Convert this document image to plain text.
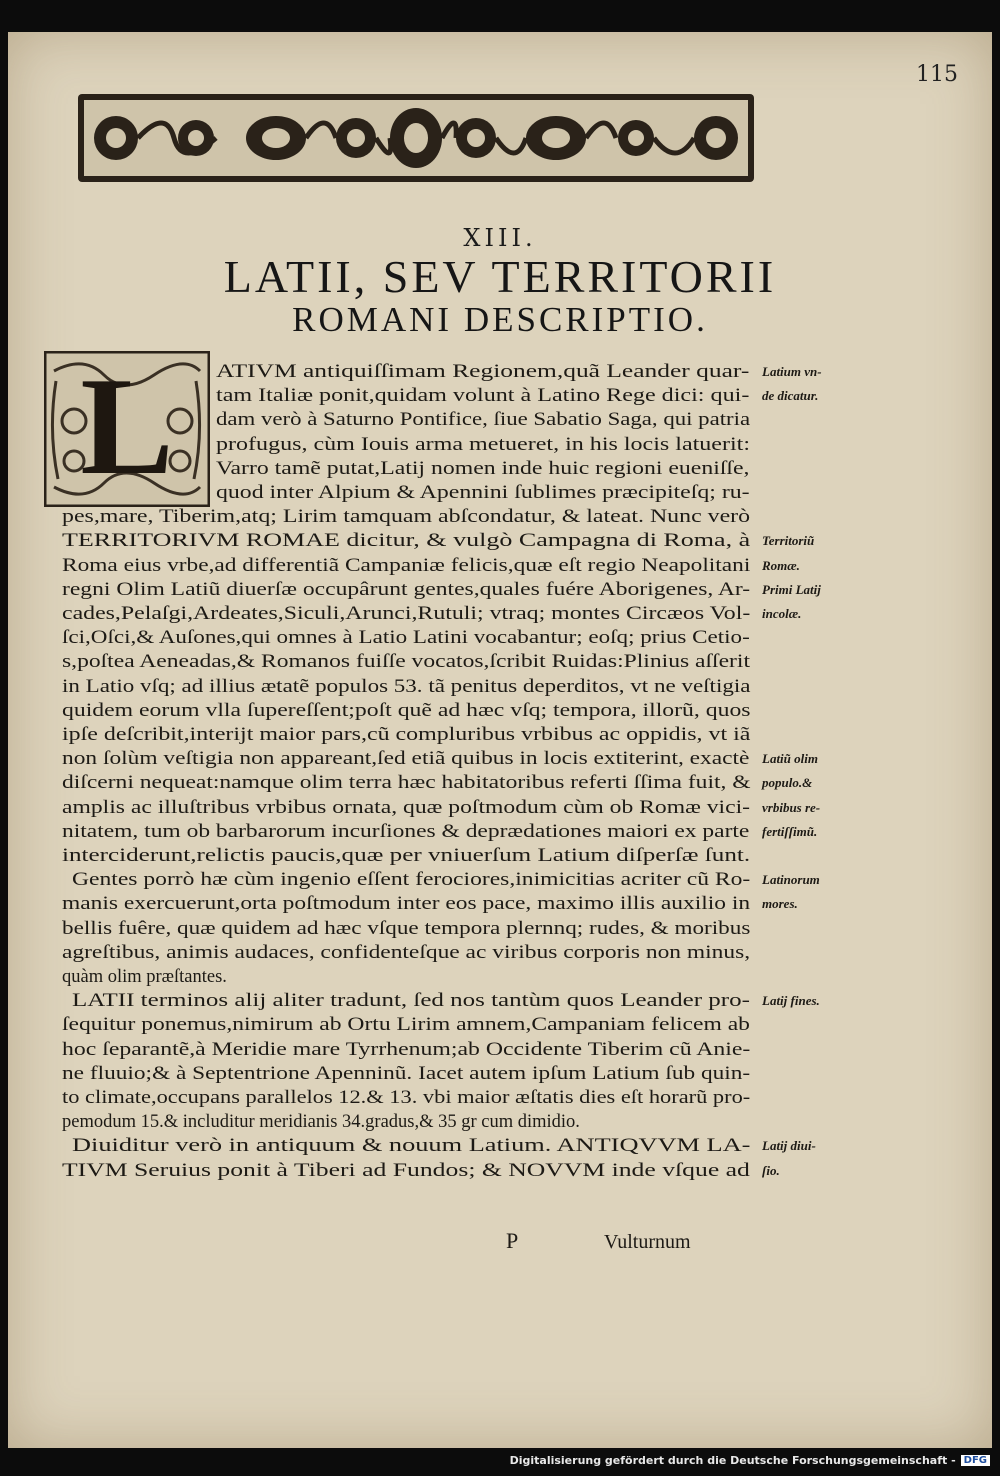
115
XIII.
LATII, SEV TERRITORII
ROMANI DESCRIPTIO.
L	ATIVM antiquiſſimam Regionem,quã Leander quar-
tam Italiæ ponit,quidam volunt à Latino Rege dici: qui-
dam verò à Saturno Pontifice, ſiue Sabatio Saga, qui patria
profugus, cùm Iouis arma metueret, in his locis latuerit:
Varro tamẽ putat,Latij nomen inde huic regioni eueniſſe,
quod inter Alpium & Apennini ſublimes præcipiteſq; ru-
pes,mare, Tiberim,atq; Lirim tamquam abſcondatur, & lateat. Nunc verò
TERRITORIVM ROMAE dicitur, & vulgò Campagna di Roma, à
Roma eius vrbe,ad differentiã Campaniæ felicis,quæ eſt regio Neapolitani
regni Olim Latiũ diuerſæ occupârunt gentes,quales fuére Aborigenes, Ar-
cades,Pelaſgi,Ardeates,Siculi,Arunci,Rutuli; vtraq; montes Circæos Vol-
ſci,Oſci,& Auſones,qui omnes à Latio Latini vocabantur; eoſq; prius Cetio-
s,poſtea Aeneadas,& Romanos fuiſſe vocatos,ſcribit Ruidas:Plinius aſſerit
in Latio vſq; ad illius ætatẽ populos 53. tã penitus deperditos, vt ne veſtigia
quidem eorum vlla ſupereſſent;poſt quẽ ad hæc vſq; tempora, illorũ, quos
ipſe deſcribit,interijt maior pars,cũ compluribus vrbibus ac oppidis, vt iã
non ſolùm veſtigia non appareant,ſed etiã quibus in locis extiterint, exactè
diſcerni nequeat:namque olim terra hæc habitatoribus referti ſſima fuit, &
amplis ac illuſtribus vrbibus ornata, quæ poſtmodum cùm ob Romæ vici-
nitatem, tum ob barbarorum incurſiones & deprædationes maiori ex parte
interciderunt,relictis paucis,quæ per vniuerſum Latium diſperſæ ſunt.
Gentes porrò hæ cùm ingenio eſſent ferociores,inimicitias acriter cũ Ro-
manis exercuerunt,orta poſtmodum inter eos pace, maximo illis auxilio in
bellis fuêre, quæ quidem ad hæc vſque tempora plernnq; rudes, & moribus
agreſtibus, animis audaces, confidenteſque ac viribus corporis non minus,
quàm olim præſtantes.
LATII terminos alij aliter tradunt, ſed nos tantùm quos Leander pro-
ſequitur ponemus,nimirum ab Ortu Lirim amnem,Campaniam felicem ab
hoc ſeparantẽ,à Meridie mare Tyrrhenum;ab Occidente Tiberim cũ Anie-
ne fluuio;& à Septentrione Apenninũ. Iacet autem ipſum Latium ſub quin-
to climate,occupans parallelos 12.& 13. vbi maior æſtatis dies eſt horarũ pro-
pemodum 15.& includitur meridianis 34.gradus,& 35 gr cum dimidio.
Diuiditur verò in antiquum & nouum Latium. ANTIQVVM LA-
TIVM Seruius ponit à Tiberi ad Fundos; & NOVVM inde vſque ad
Latium vn-
de dicatur.
Territoriũ
Romæ.
Primi Latij
incolæ.
Latiũ olim
populo.&
vrbibus re-
fertiſſimũ.
Latinorum
mores.
Latij fines.
Latij diui-
ſio.
P	Vulturnum
Digitalisierung gefördert durch die Deutsche Forschungsgemeinschaft - DFG
